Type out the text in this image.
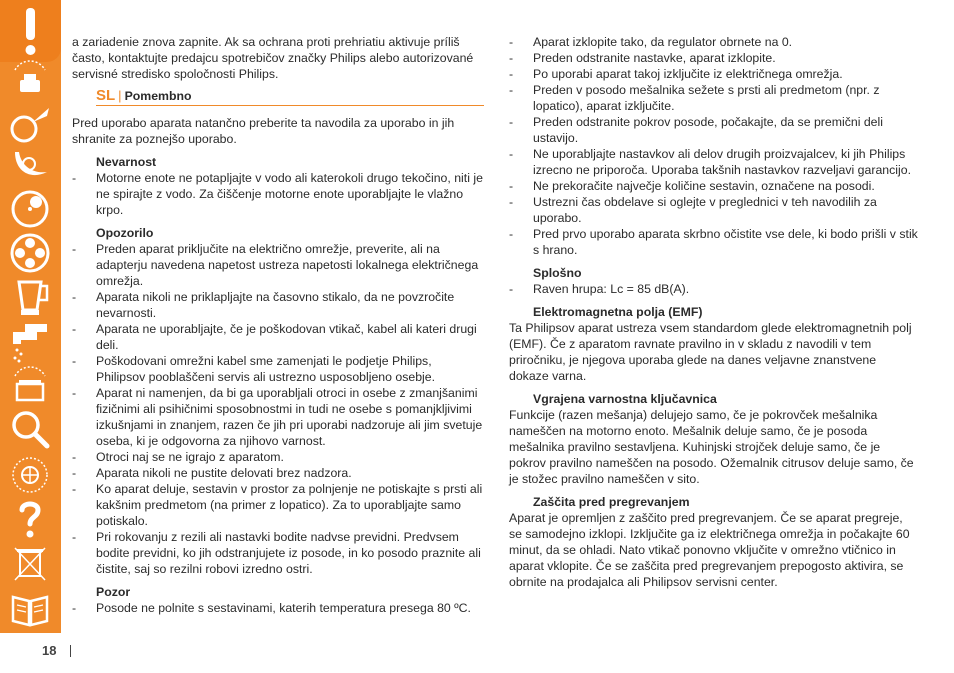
18

a zariadenie znova zapnite. Ak sa ochrana proti prehriatiu aktivuje príliš často, kontaktujte predajcu spotrebičov značky Philips alebo autorizované servisné stredisko spoločnosti Philips.

SL | Pomembno

Pred uporabo aparata natančno preberite ta navodila za uporabo in jih shranite za poznejšo uporabo.

Nevarnost

- Motorne enote ne potapljajte v vodo ali katerokoli drugo tekočino, niti je ne spirajte z vodo. Za čiščenje motorne enote uporabljajte le vlažno krpo.

Opozorilo

- Preden aparat priključite na električno omrežje, preverite, ali na adapterju navedena napetost ustreza napetosti lokalnega električnega omrežja.

- Aparata nikoli ne priklapljajte na časovno stikalo, da ne povzročite nevarnosti.

- Aparata ne uporabljajte, če je poškodovan vtikač, kabel ali kateri drugi deli.

- Poškodovani omrežni kabel sme zamenjati le podjetje Philips, Philipsov pooblaščeni servis ali ustrezno usposobljeno osebje.

- Aparat ni namenjen, da bi ga uporabljali otroci in osebe z zmanjšanimi fizičnimi ali psihičnimi sposobnostmi in tudi ne osebe s pomanjkljivimi izkušnjami in znanjem, razen če jih pri uporabi nadzoruje ali jim svetuje oseba, ki je odgovorna za njihovo varnost.

- Otroci naj se ne igrajo z aparatom.

- Aparata nikoli ne pustite delovati brez nadzora.

- Ko aparat deluje, sestavin v prostor za polnjenje ne potiskajte s prsti ali kakšnim predmetom (na primer z lopatico). Za to uporabljajte samo potiskalo.

- Pri rokovanju z rezili ali nastavki bodite nadvse previdni. Predvsem bodite previdni, ko jih odstranjujete iz posode, in ko posodo praznite ali čistite, saj so rezilni robovi izredno ostri.

Pozor

- Posode ne polnite s sestavinami, katerih temperatura presega 80 ºC.

- Aparat izklopite tako, da regulator obrnete na 0.

- Preden odstranite nastavke, aparat izklopite.

- Po uporabi aparat takoj izključite iz električnega omrežja.

- Preden v posodo mešalnika sežete s prsti ali predmetom (npr. z lopatico), aparat izključite.

- Preden odstranite pokrov posode, počakajte, da se premični deli ustavijo.

- Ne uporabljajte nastavkov ali delov drugih proizvajalcev, ki jih Philips izrecno ne priporoča. Uporaba takšnih nastavkov razveljavi garancijo.

- Ne prekoračite največje količine sestavin, označene na posodi.

- Ustrezni čas obdelave si oglejte v preglednici v teh navodilih za uporabo.

- Pred prvo uporabo aparata skrbno očistite vse dele, ki bodo prišli v stik s hrano.

Splošno

- Raven hrupa: Lc = 85 dB(A).

Elektromagnetna polja (EMF)

Ta Philipsov aparat ustreza vsem standardom glede elektromagnetnih polj (EMF). Če z aparatom ravnate pravilno in v skladu z navodili v tem priročniku, je njegova uporaba glede na danes veljavne znanstvene dokaze varna.

Vgrajena varnostna ključavnica

Funkcije (razen mešanja) delujejo samo, če je pokrovček mešalnika nameščen na motorno enoto. Mešalnik deluje samo, če je posoda mešalnika pravilno sestavljena. Kuhinjski strojček deluje samo, če je pokrov pravilno nameščen na posodo. Ožemalnik citrusov deluje samo, če je stožec pravilno nameščen v sito.

Zaščita pred pregrevanjem

Aparat je opremljen z zaščito pred pregrevanjem. Če se aparat pregreje, se samodejno izklopi. Izključite ga iz električnega omrežja in počakajte 60 minut, da se ohladi. Nato vtikač ponovno vključite v omrežno vtičnico in aparat vklopite. Če se zaščita pred pregrevanjem prepogosto aktivira, se obrnite na prodajalca ali Philipsov servisni center.
